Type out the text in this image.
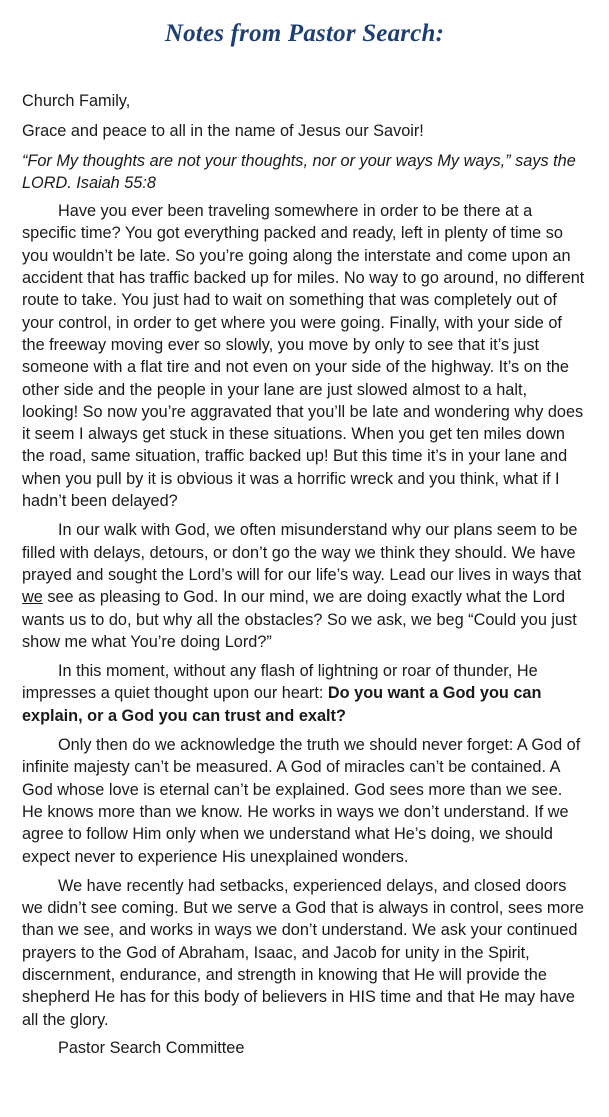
Notes from Pastor Search:

Church Family,

Grace and peace to all in the name of Jesus our Savoir!

“For My thoughts are not your thoughts, nor or your ways My ways,” says the LORD. Isaiah 55:8

Have you ever been traveling somewhere in order to be there at a specific time? You got everything packed and ready, left in plenty of time so you wouldn’t be late. So you’re going along the interstate and come upon an accident that has traffic backed up for miles. No way to go around, no different route to take. You just had to wait on something that was completely out of your control, in order to get where you were going. Finally, with your side of the freeway moving ever so slowly, you move by only to see that it’s just someone with a flat tire and not even on your side of the highway. It’s on the other side and the people in your lane are just slowed almost to a halt, looking! So now you’re aggravated that you’ll be late and wondering why does it seem I always get stuck in these situations. When you get ten miles down the road, same situation, traffic backed up! But this time it’s in your lane and when you pull by it is obvious it was a horrific wreck and you think, what if I hadn’t been delayed?

In our walk with God, we often misunderstand why our plans seem to be filled with delays, detours, or don’t go the way we think they should. We have prayed and sought the Lord’s will for our life’s way. Lead our lives in ways that we see as pleasing to God. In our mind, we are doing exactly what the Lord wants us to do, but why all the obstacles? So we ask, we beg “Could you just show me what You’re doing Lord?”

In this moment, without any flash of lightning or roar of thunder, He impresses a quiet thought upon our heart: Do you want a God you can explain, or a God you can trust and exalt?

Only then do we acknowledge the truth we should never forget: A God of infinite majesty can’t be measured. A God of miracles can’t be contained. A God whose love is eternal can’t be explained. God sees more than we see. He knows more than we know. He works in ways we don’t understand. If we agree to follow Him only when we understand what He’s doing, we should expect never to experience His unexplained wonders.

We have recently had setbacks, experienced delays, and closed doors we didn’t see coming. But we serve a God that is always in control, sees more than we see, and works in ways we don’t understand. We ask your continued prayers to the God of Abraham, Isaac, and Jacob for unity in the Spirit, discernment, endurance, and strength in knowing that He will provide the shepherd He has for this body of believers in HIS time and that He may have all the glory.

Pastor Search Committee
